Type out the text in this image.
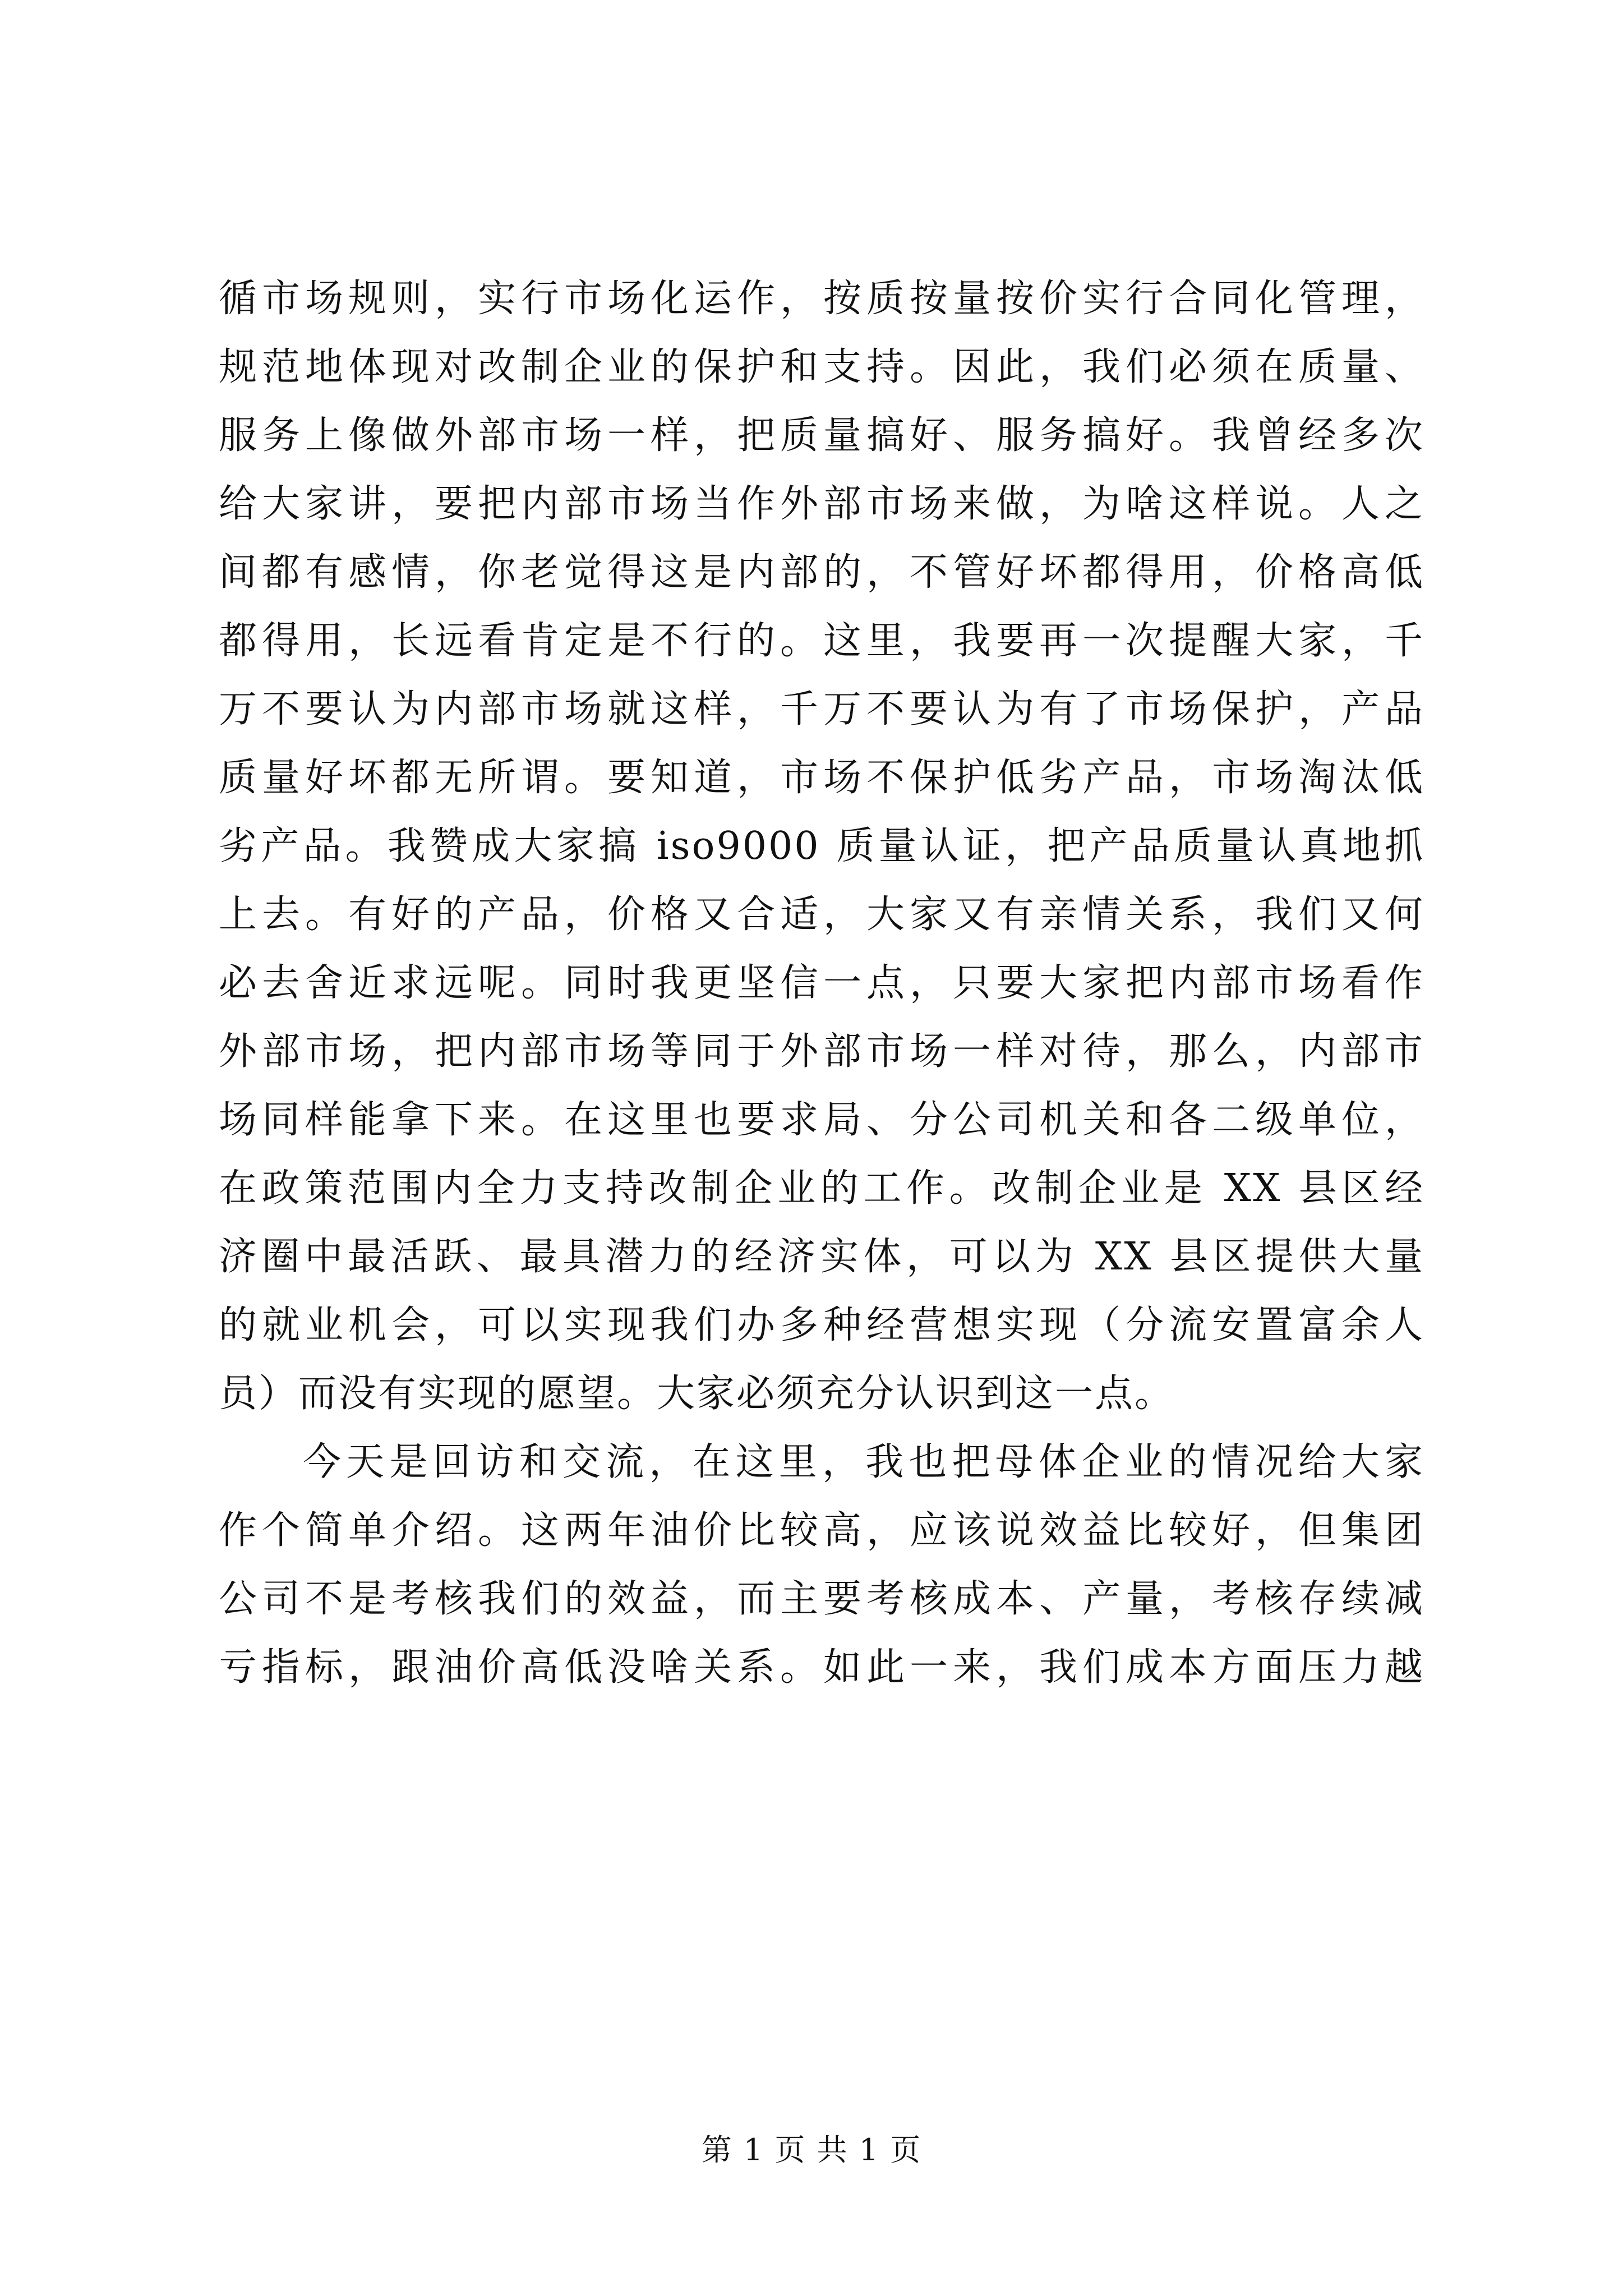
循市场规则，实行市场化运作，按质按量按价实行合同化管理，
规范地体现对改制企业的保护和支持。因此，我们必须在质量、
服务上像做外部市场一样，把质量搞好、服务搞好。我曾经多次
给大家讲，要把内部市场当作外部市场来做，为啥这样说。人之
间都有感情，你老觉得这是内部的，不管好坏都得用，价格高低
都得用，长远看肯定是不行的。这里，我要再一次提醒大家，千
万不要认为内部市场就这样，千万不要认为有了市场保护，产品
质量好坏都无所谓。要知道，市场不保护低劣产品，市场淘汰低
劣产品。我赞成大家搞 iso9000 质量认证，把产品质量认真地抓
上去。有好的产品，价格又合适，大家又有亲情关系，我们又何
必去舍近求远呢。同时我更坚信一点，只要大家把内部市场看作
外部市场，把内部市场等同于外部市场一样对待，那么，内部市
场同样能拿下来。在这里也要求局、分公司机关和各二级单位，
在政策范围内全力支持改制企业的工作。改制企业是 XX 县区经
济圈中最活跃、最具潜力的经济实体，可以为 XX 县区提供大量
的就业机会，可以实现我们办多种经营想实现（分流安置富余人
员）而没有实现的愿望。大家必须充分认识到这一点。
今天是回访和交流，在这里，我也把母体企业的情况给大家
作个简单介绍。这两年油价比较高，应该说效益比较好，但集团
公司不是考核我们的效益，而主要考核成本、产量，考核存续减
亏指标，跟油价高低没啥关系。如此一来，我们成本方面压力越
第 1 页 共 1 页
